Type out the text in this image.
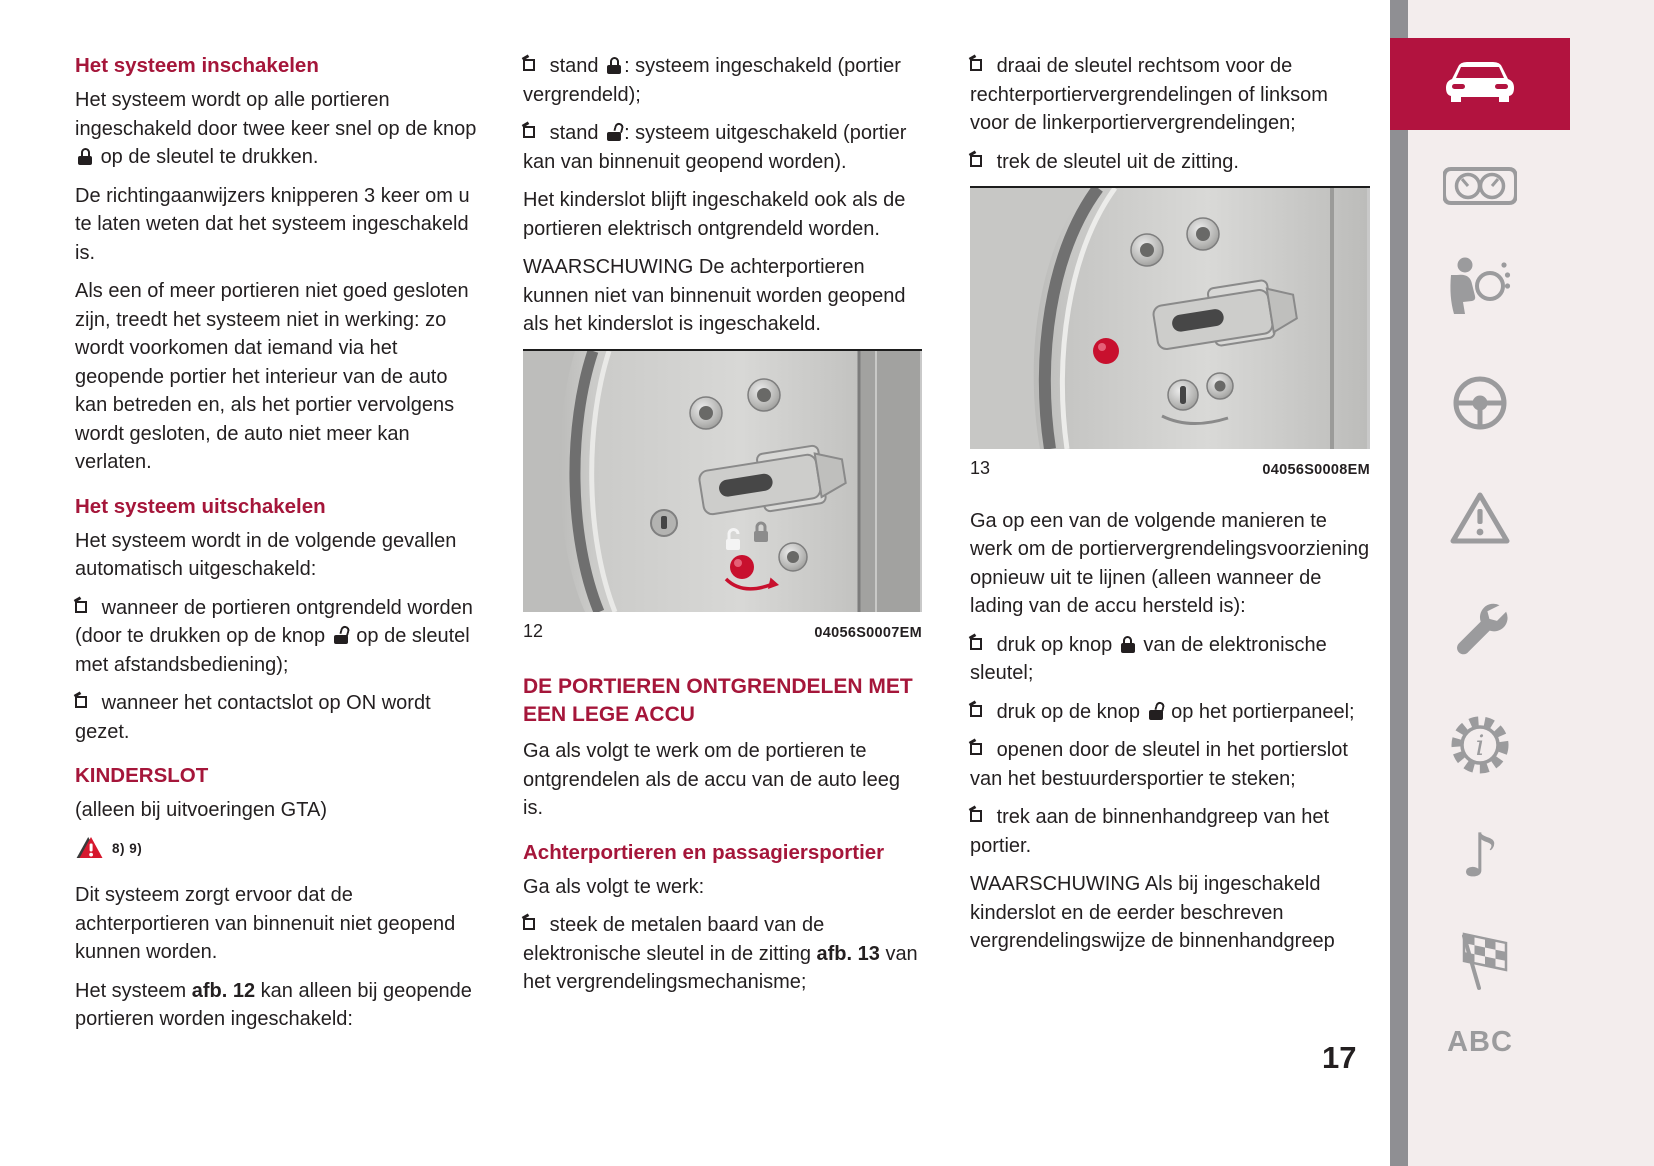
Het systeem inschakelen

Het systeem wordt op alle portieren ingeschakeld door twee keer snel op de knop  op de sleutel te drukken.

De richtingaanwijzers knipperen 3 keer om u te laten weten dat het systeem ingeschakeld is.

Als een of meer portieren niet goed gesloten zijn, treedt het systeem niet in werking: zo wordt voorkomen dat iemand via het geopende portier het interieur van de auto kan betreden en, als het portier vervolgens wordt gesloten, de auto niet meer kan verlaten.

Het systeem uitschakelen

Het systeem wordt in de volgende gevallen automatisch uitgeschakeld:

wanneer de portieren ontgrendeld worden (door te drukken op de knop op de sleutel met afstandsbediening);

wanneer het contactslot op ON wordt gezet.

KINDERSLOT

(alleen bij uitvoeringen GTA)

8) 9)

Dit systeem zorgt ervoor dat de achterportieren van binnenuit niet geopend kunnen worden.

Het systeem afb. 12 kan alleen bij geopende portieren worden ingeschakeld:

stand : systeem ingeschakeld (portier vergrendeld);

stand : systeem uitgeschakeld (portier kan van binnenuit geopend worden).

Het kinderslot blijft ingeschakeld ook als de portieren elektrisch ontgrendeld worden.

WAARSCHUWING De achterportieren kunnen niet van binnenuit worden geopend als het kinderslot is ingeschakeld.

12	04056S0007EM
DE PORTIEREN ONTGRENDELEN MET EEN LEGE ACCU

Ga als volgt te werk om de portieren te ontgrendelen als de accu van de auto leeg is.

Achterportieren en passagiersportier

Ga als volgt te werk:

steek de metalen baard van de elektronische sleutel in de zitting afb. 13 van het vergrendelingsmechanisme;

draai de sleutel rechtsom voor de rechterportiervergrendelingen of linksom voor de linkerportiervergrendelingen;

trek de sleutel uit de zitting.

13	04056S0008EM

Ga op een van de volgende manieren te werk om de portiervergrendelingsvoorziening opnieuw uit te lijnen (alleen wanneer de lading van de accu hersteld is):

druk op knop van de elektronische sleutel;

druk op de knop op het portierpaneel;

openen door de sleutel in het portierslot van het bestuurdersportier te steken;

trek aan de binnenhandgreep van het portier.

WAARSCHUWING Als bij ingeschakeld kinderslot en de eerder beschreven vergrendelingswijze de binnenhandgreep

17
i
♪
ABC
